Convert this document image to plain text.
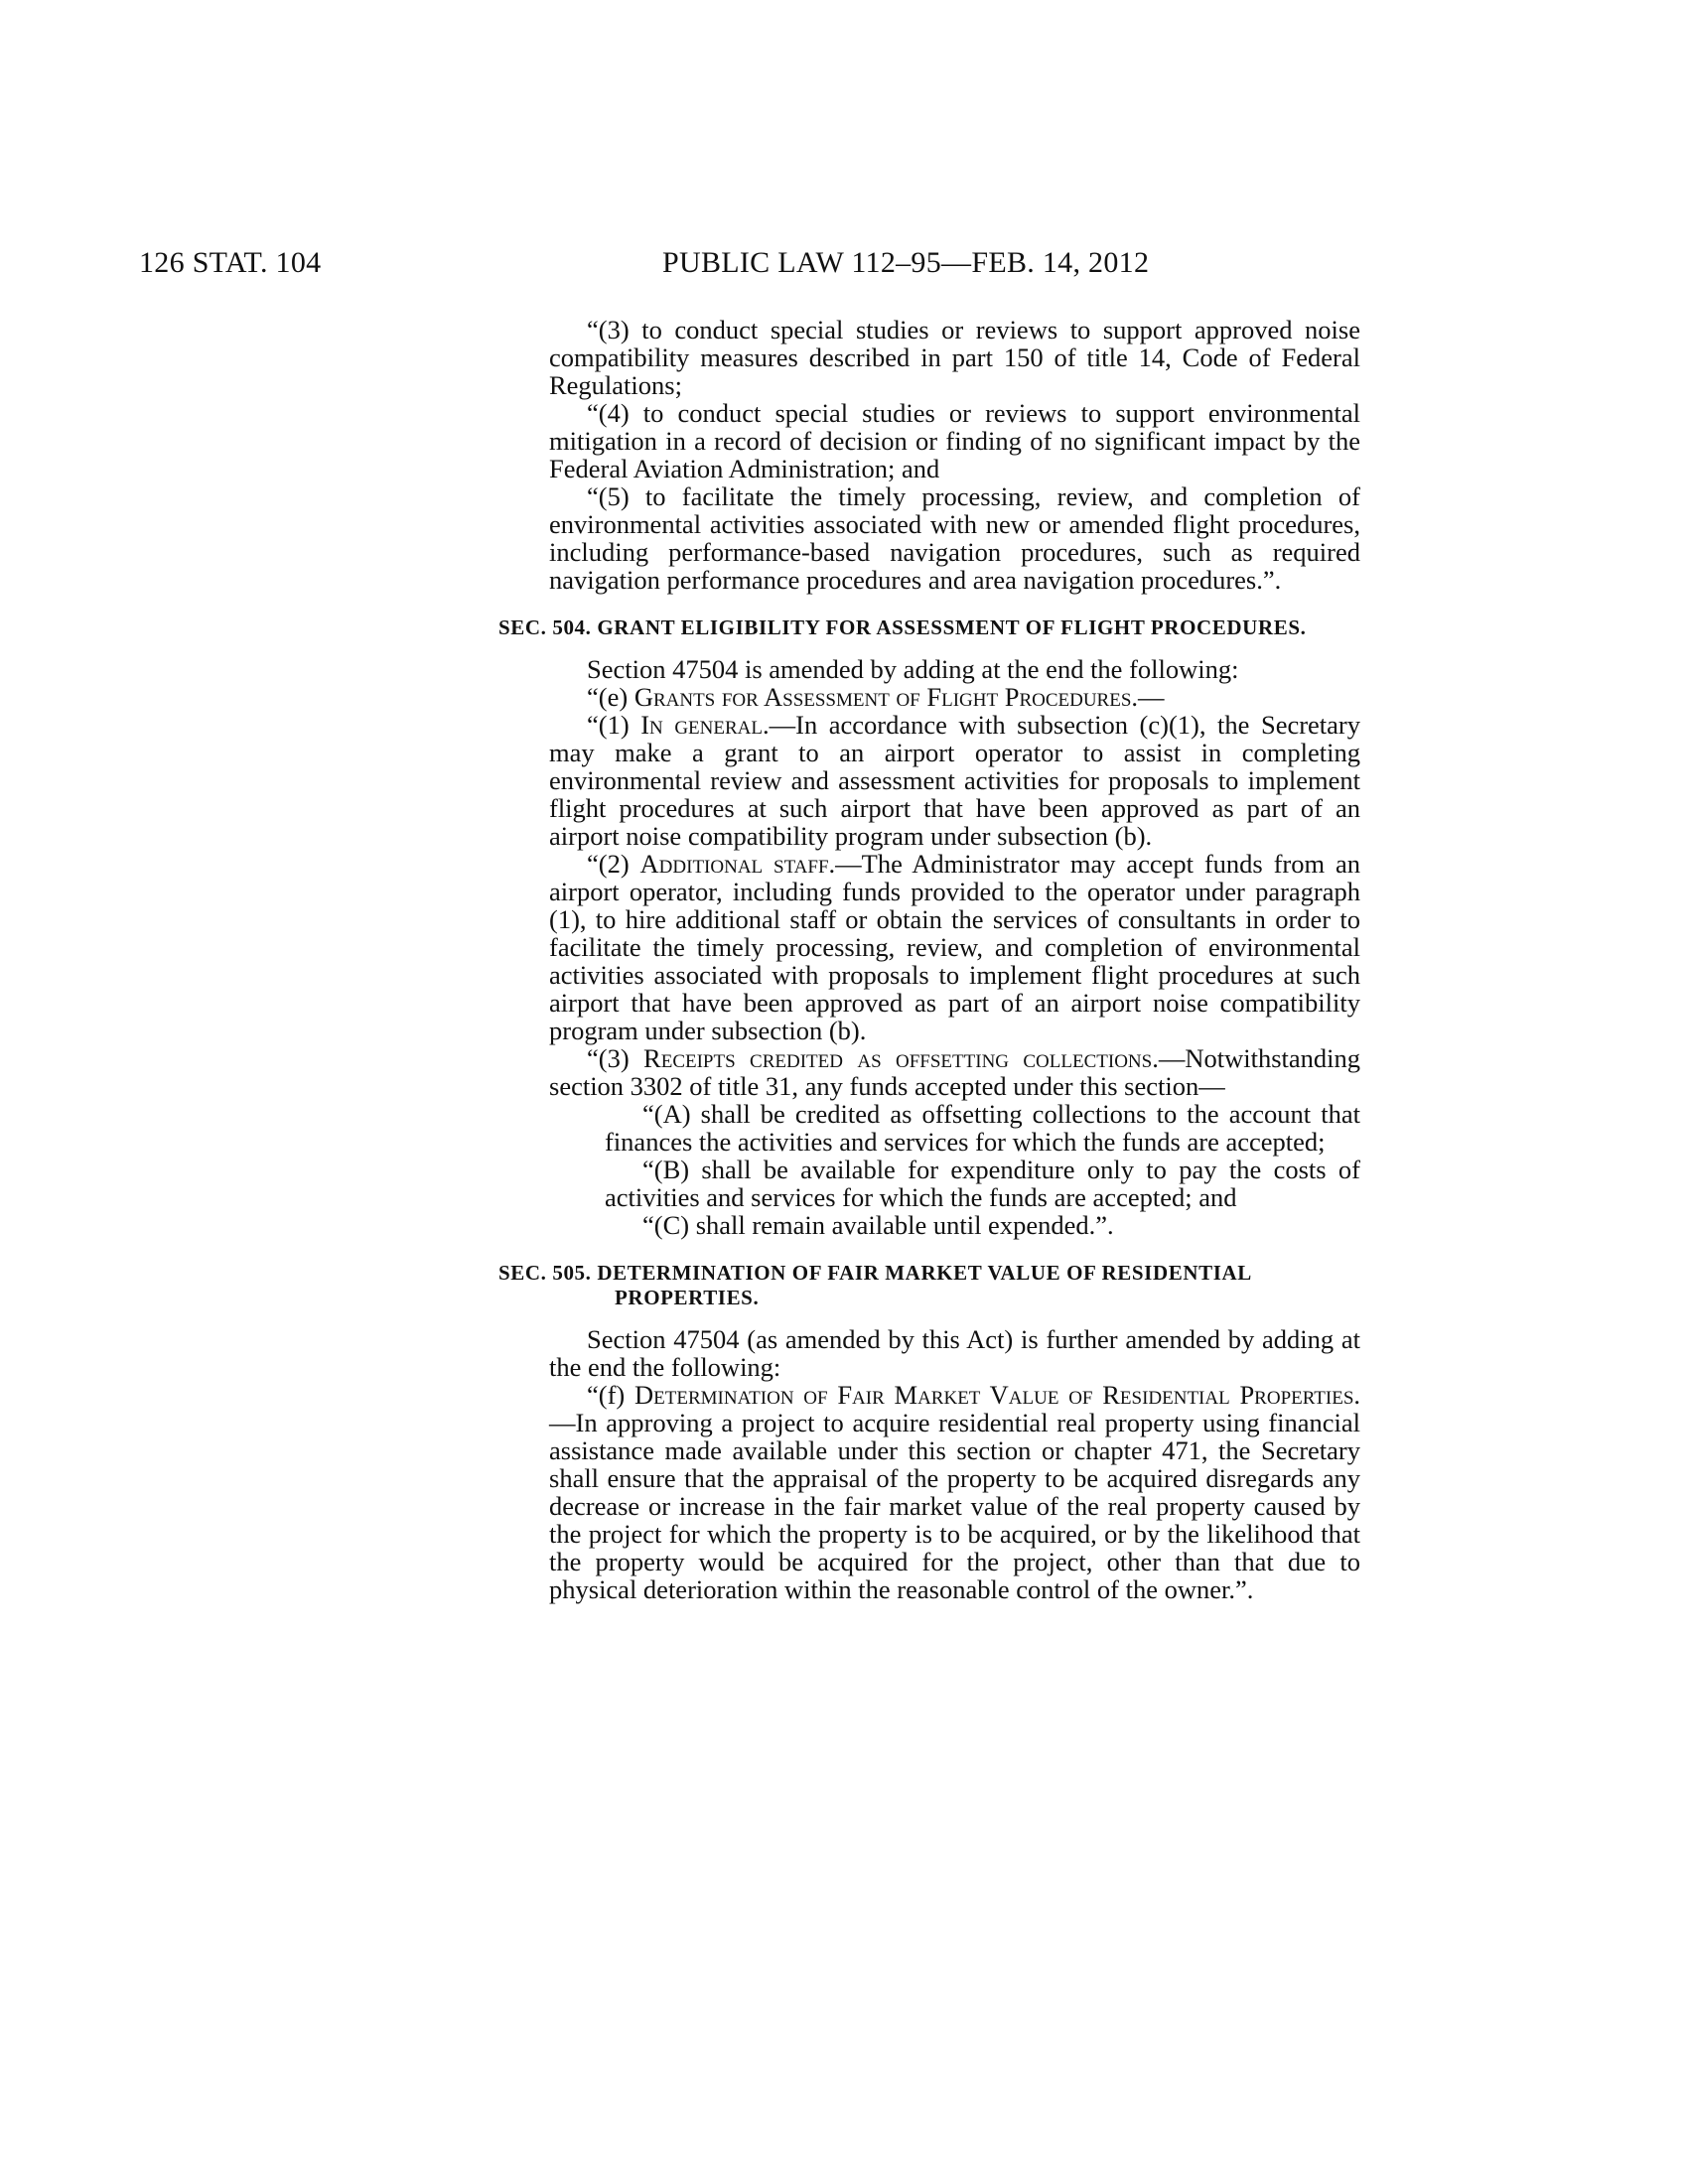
126 STAT. 104	PUBLIC LAW 112–95—FEB. 14, 2012

“(3) to conduct special studies or reviews to support approved noise compatibility measures described in part 150 of title 14, Code of Federal Regulations;

“(4) to conduct special studies or reviews to support environmental mitigation in a record of decision or finding of no significant impact by the Federal Aviation Administration; and

“(5) to facilitate the timely processing, review, and completion of environmental activities associated with new or amended flight procedures, including performance-based navigation procedures, such as required navigation performance procedures and area navigation procedures.”.

SEC. 504. GRANT ELIGIBILITY FOR ASSESSMENT OF FLIGHT PROCEDURES.

Section 47504 is amended by adding at the end the following:

“(e) Grants for Assessment of Flight Procedures.—

“(1) In general.—In accordance with subsection (c)(1), the Secretary may make a grant to an airport operator to assist in completing environmental review and assessment activities for proposals to implement flight procedures at such airport that have been approved as part of an airport noise compatibility program under subsection (b).

“(2) Additional staff.—The Administrator may accept funds from an airport operator, including funds provided to the operator under paragraph (1), to hire additional staff or obtain the services of consultants in order to facilitate the timely processing, review, and completion of environmental activities associated with proposals to implement flight procedures at such airport that have been approved as part of an airport noise compatibility program under subsection (b).

“(3) Receipts credited as offsetting collections.—Notwithstanding section 3302 of title 31, any funds accepted under this section—

“(A) shall be credited as offsetting collections to the account that finances the activities and services for which the funds are accepted;

“(B) shall be available for expenditure only to pay the costs of activities and services for which the funds are accepted; and

“(C) shall remain available until expended.”.

SEC. 505. DETERMINATION OF FAIR MARKET VALUE OF RESIDENTIAL PROPERTIES.

Section 47504 (as amended by this Act) is further amended by adding at the end the following:

“(f) Determination of Fair Market Value of Residential Properties.—In approving a project to acquire residential real property using financial assistance made available under this section or chapter 471, the Secretary shall ensure that the appraisal of the property to be acquired disregards any decrease or increase in the fair market value of the real property caused by the project for which the property is to be acquired, or by the likelihood that the property would be acquired for the project, other than that due to physical deterioration within the reasonable control of the owner.”.
